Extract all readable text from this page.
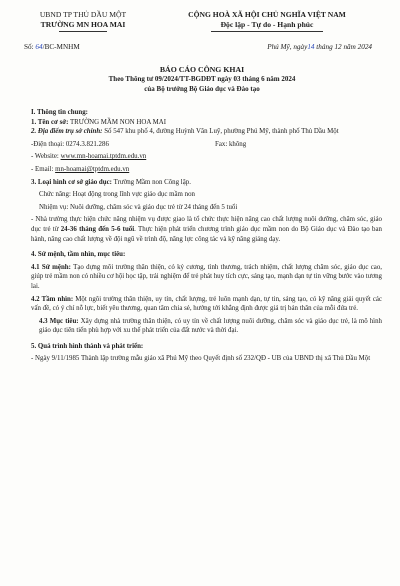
UBND TP THỦ DẦU MỘT
TRƯỜNG MN HOA MAI
CỘNG HOÀ XÃ HỘI CHỦ NGHĨA VIỆT NAM
Độc lập - Tự do - Hạnh phúc
Số: 64/BC-MNHM	Phú Mỹ, ngày14 tháng 12 năm 2024
BÁO CÁO CÔNG KHAI
Theo Thông tư 09/2024/TT-BGDĐT ngày 03 tháng 6 năm 2024
của Bộ trưởng Bộ Giáo dục và Đào tạo

I. Thông tin chung:

1. Tên cơ sở: TRƯỜNG MẦM NON HOA MAI

2. Địa điểm trụ sở chính: Số 547 khu phố 4, đường Huỳnh Văn Luỹ, phường Phú Mỹ, thành phố Thủ Dầu Một

-Điện thoại: 0274.3.821.286	Fax: không

- Website: www.mn-hoamai.tptdm.edu.vn

- Email: mn-hoamai@tptdm.edu.vn

3. Loại hình cơ sở giáo dục: Trường Mầm non Công lập.

Chức năng: Hoạt động trong lĩnh vực giáo dục mầm non

Nhiệm vụ: Nuôi dưỡng, chăm sóc và giáo dục trẻ từ 24 tháng đến 5 tuổi

- Nhà trường thực hiện chức năng nhiệm vụ được giao là tổ chức thực hiện nâng cao chất lượng nuôi dưỡng, chăm sóc, giáo dục trẻ từ 24-36 tháng đến 5-6 tuổi. Thực hiện phát triển chương trình giáo dục mầm non do Bộ Giáo dục và Đào tạo ban hành, nâng cao chất lượng về đội ngũ về trình độ, năng lực công tác và kỹ năng giảng dạy.

4. Sứ mệnh, tầm nhìn, mục tiêu:

4.1 Sứ mệnh: Tạo dựng môi trường thân thiện, có kỷ cương, tình thương, trách nhiệm, chất lượng chăm sóc, giáo dục cao, giúp trẻ mầm non có nhiều cơ hội học tập, trải nghiệm để trẻ phát huy tích cực, sáng tạo, mạnh dạn tự tin vững bước vào tương lai.

4.2 Tầm nhìn: Một ngôi trường thân thiện, uy tín, chất lượng, trẻ luôn mạnh dạn, tự tin, sáng tạo, có kỹ năng giải quyết các vấn đề, có ý chí nỗ lực, biết yêu thương, quan tâm chia sẻ, hướng tới khẳng định được giá trị bản thân của mỗi đứa trẻ.

4.3 Mục tiêu: Xây dựng nhà trường thân thiện, có uy tín về chất lượng nuôi dưỡng, chăm sóc và giáo dục trẻ, là mô hình giáo dục tiên tiến phù hợp với xu thế phát triển của đất nước và thời đại.

5. Quá trình hình thành và phát triển:

- Ngày 9/11/1985 Thành lập trường mẫu giáo xã Phú Mỹ theo Quyết định số 232/QĐ - UB của UBND thị xã Thủ Dầu Một
